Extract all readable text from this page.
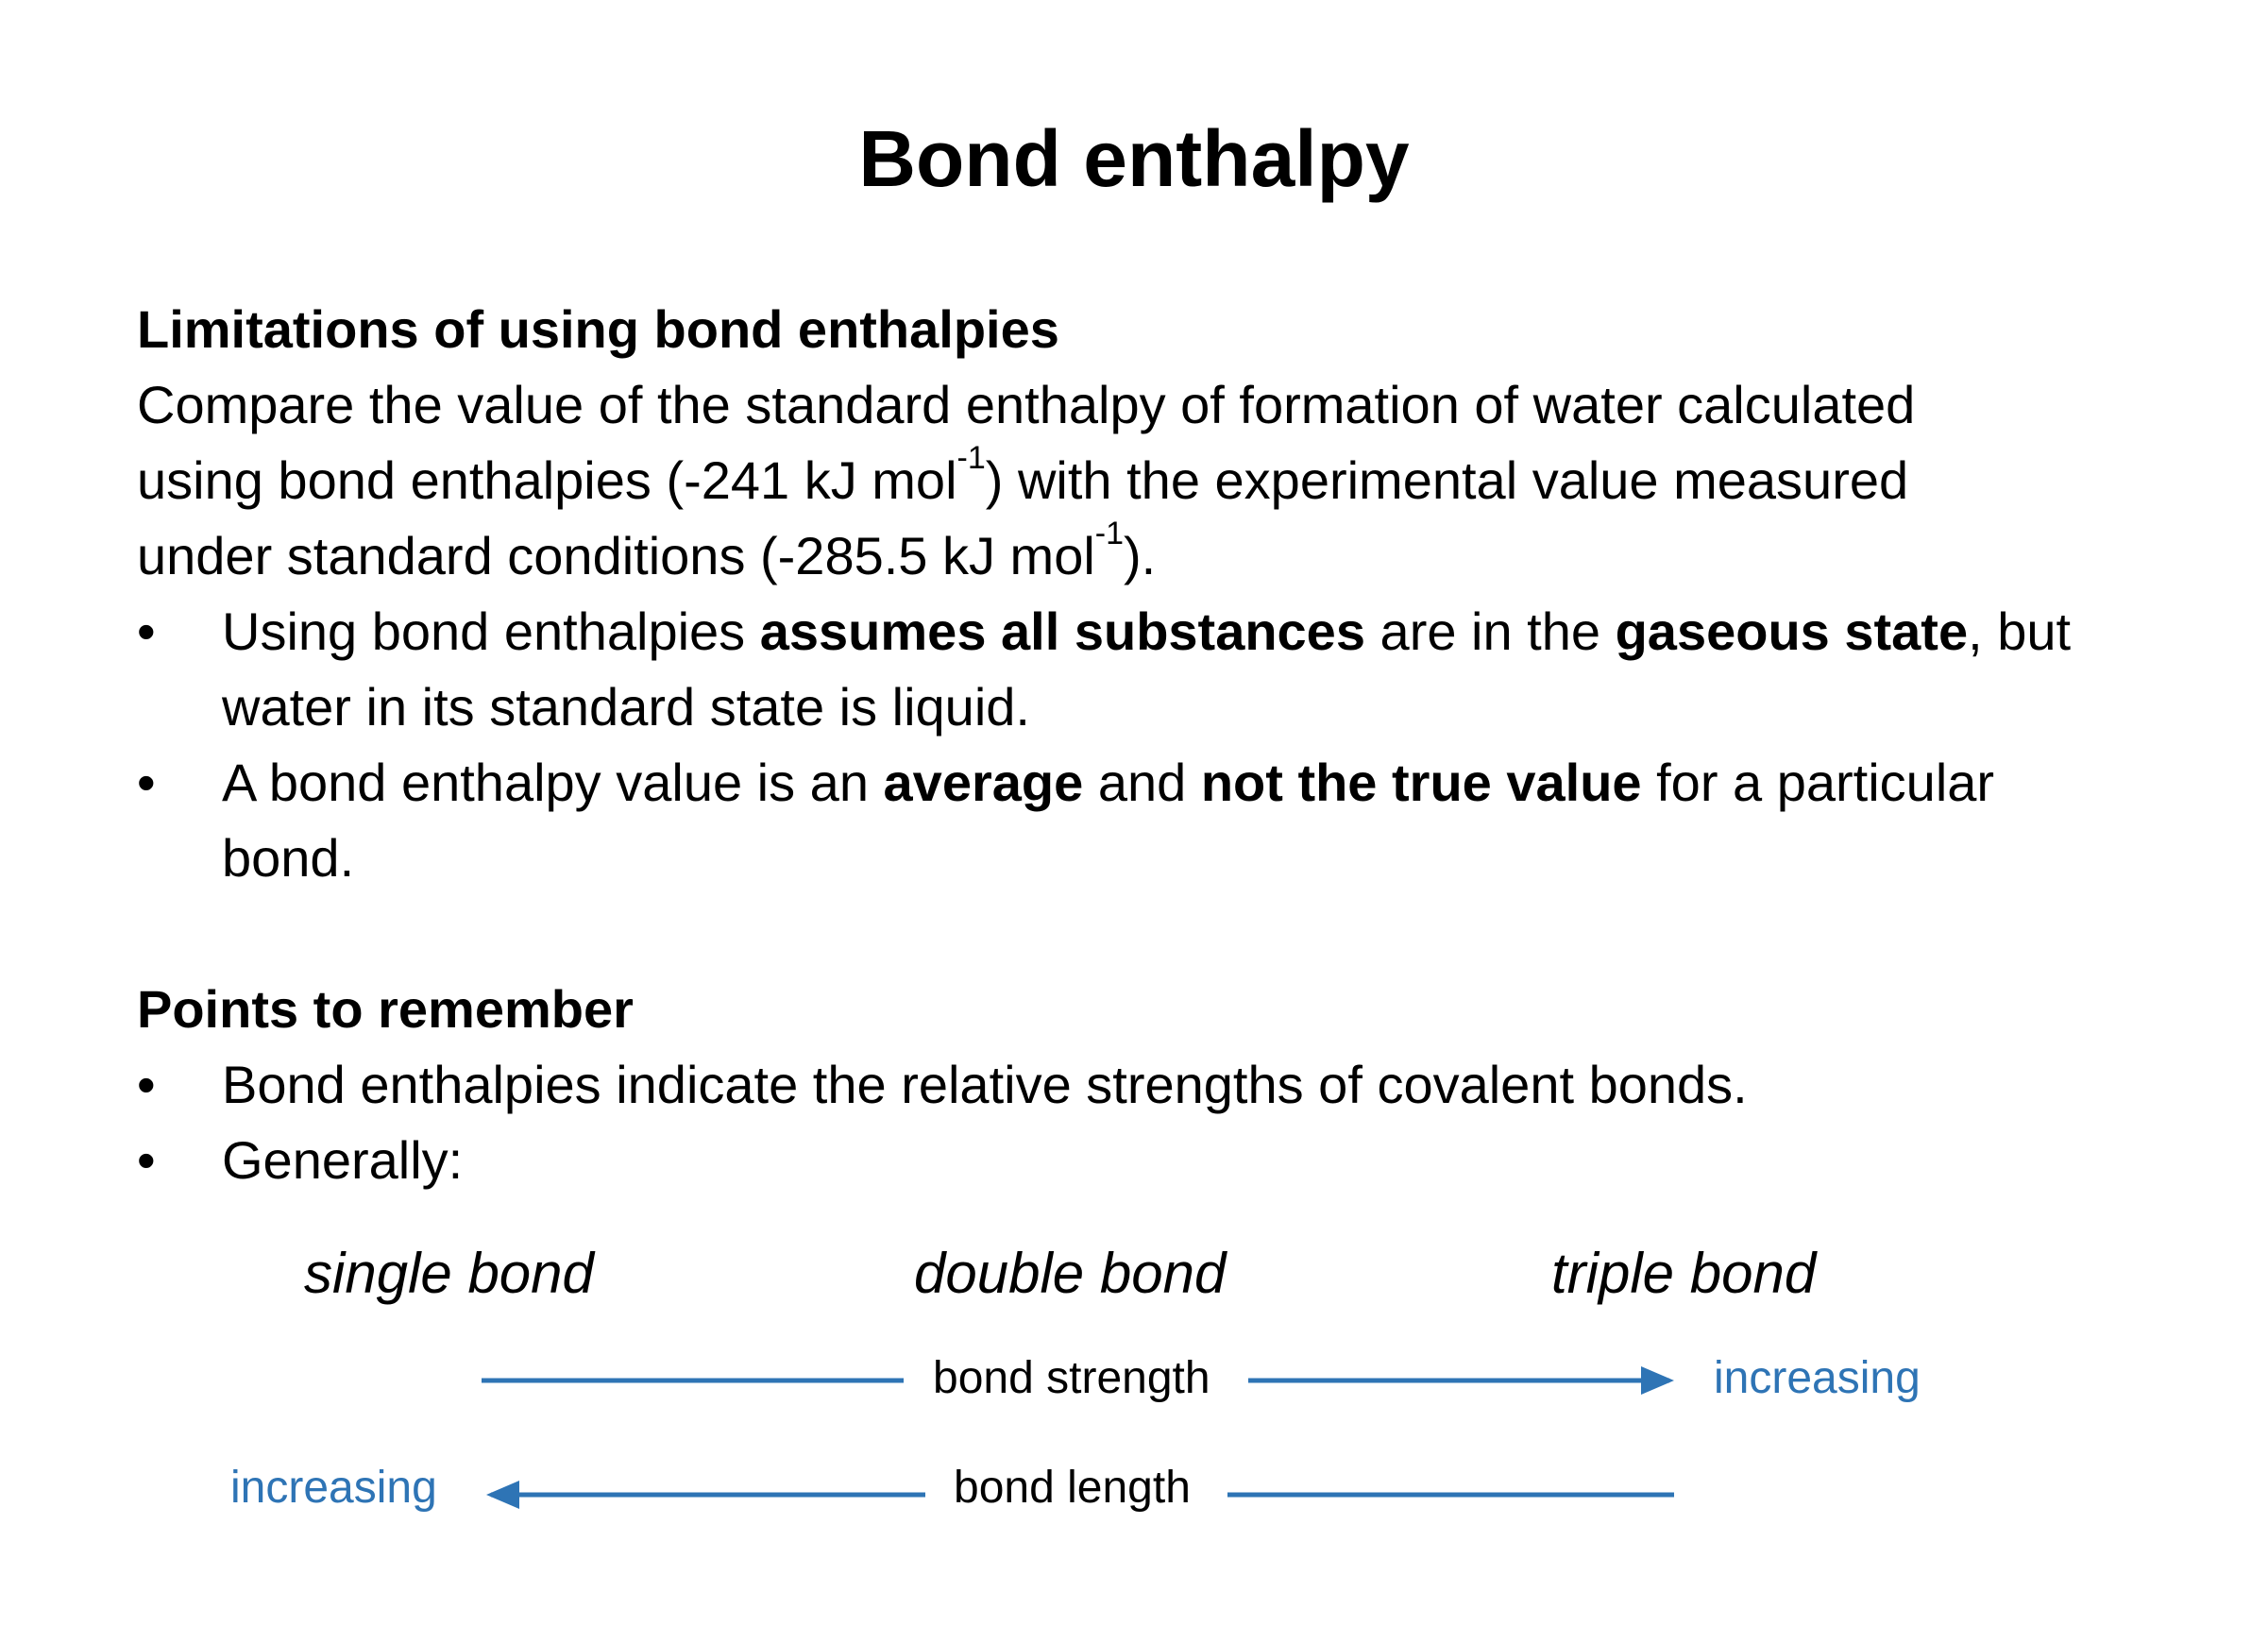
Bond enthalpy
Limitations of using bond enthalpies
Compare the value of the standard enthalpy of formation of water calculated
using bond enthalpies (-241 kJ mol$^{-1}$) with the experimental value measured
under standard conditions (-285.5 kJ mol$^{-1}$).
• Using bond enthalpies assumes all substances are in the gaseous state, but
water in its standard state is liquid.
• A bond enthalpy value is an average and not the true value for a particular
bond.
Points to remember
• Bond enthalpies indicate the relative strengths of covalent bonds.
• Generally:
single bond	double bond	triple bond
bond strength	increasing
bond length
increasing
